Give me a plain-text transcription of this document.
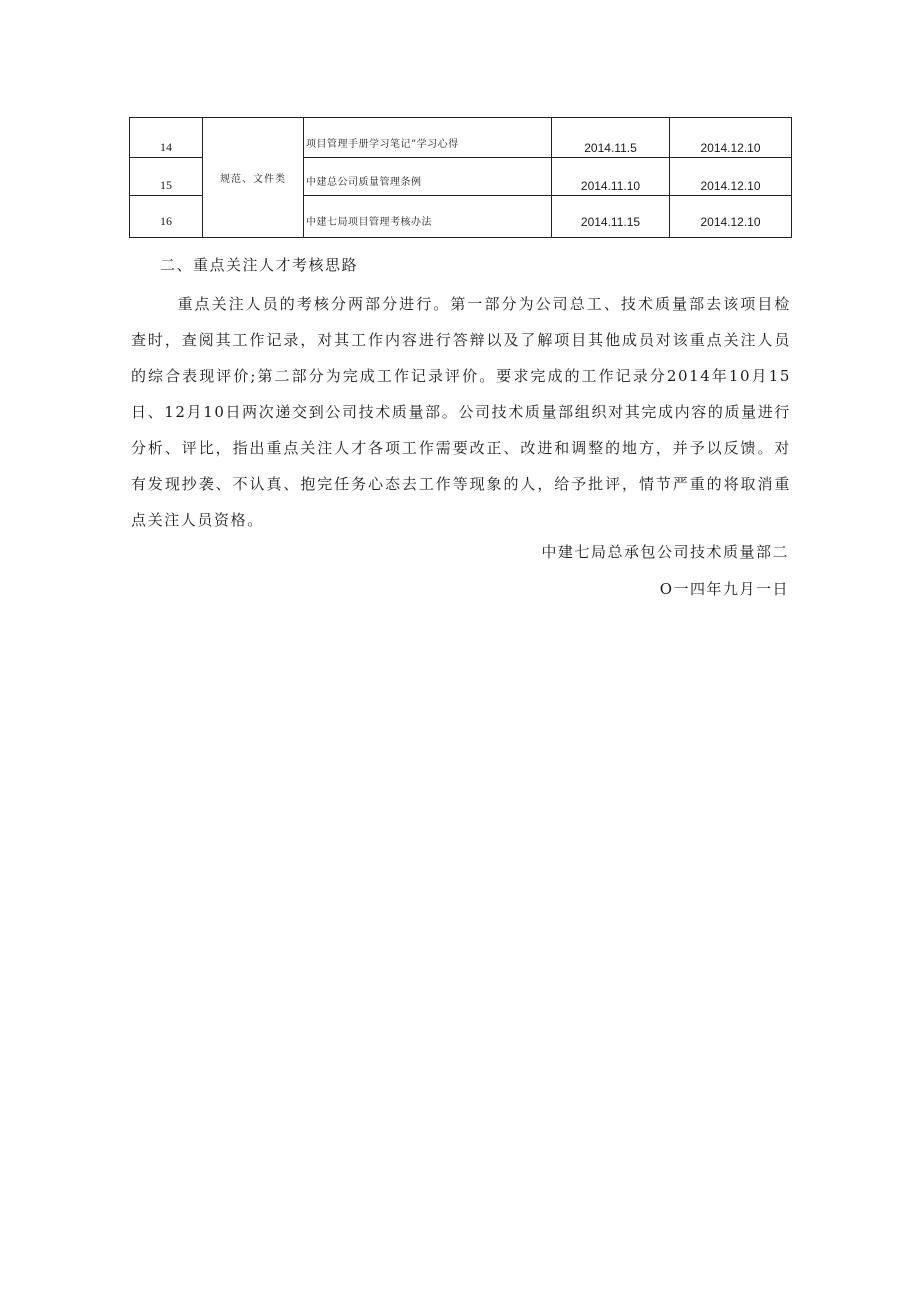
14	规范、文件类	项目管理手册学习笔记”学习心得	2014.11.5	2014.12.10
15		中建总公司质量管理条例	2014.11.10	2014.12.10
16		中建七局项目管理考核办法	2014.11.15	2014.12.10
二、重点关注人才考核思路
重点关注人员的考核分两部分进行。第一部分为公司总工、技术质量部去该项目检查时，查阅其工作记录，对其工作内容进行答辩以及了解项目其他成员对该重点关注人员的综合表现评价;第二部分为完成工作记录评价。要求完成的工作记录分2014年10月15日、12月10日两次递交到公司技术质量部。公司技术质量部组织对其完成内容的质量进行分析、评比，指出重点关注人才各项工作需要改正、改进和调整的地方，并予以反馈。对有发现抄袭、不认真、抱完任务心态去工作等现象的人，给予批评，情节严重的将取消重点关注人员资格。
中建七局总承包公司技术质量部二
O一四年九月一日
